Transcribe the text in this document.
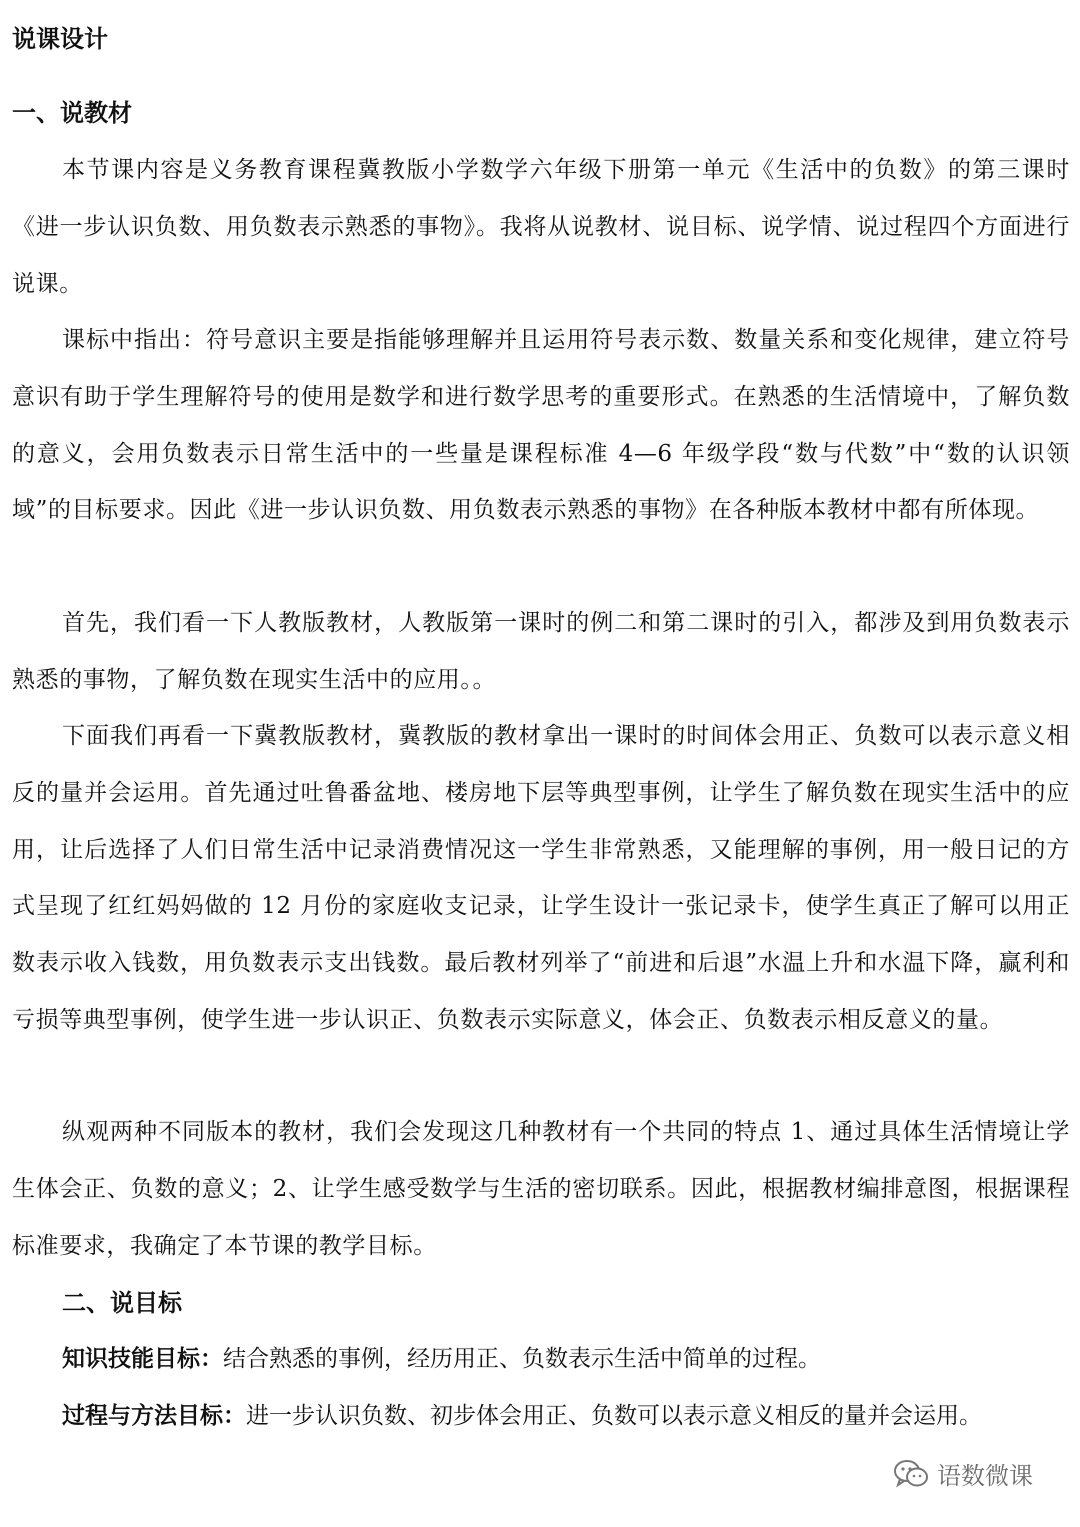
说课设计
一、说教材

本节课内容是义务教育课程冀教版小学数学六年级下册第一单元《生活中的负数》的第三课时《进一步认识负数、用负数表示熟悉的事物》。我将从说教材、说目标、说学情、说过程四个方面进行说课。

课标中指出：符号意识主要是指能够理解并且运用符号表示数、数量关系和变化规律，建立符号意识有助于学生理解符号的使用是数学和进行数学思考的重要形式。在熟悉的生活情境中，了解负数的意义，会用负数表示日常生活中的一些量是课程标准 4—6 年级学段“数与代数”中“数的认识领域”的目标要求。因此《进一步认识负数、用负数表示熟悉的事物》在各种版本教材中都有所体现。

首先，我们看一下人教版教材，人教版第一课时的例二和第二课时的引入，都涉及到用负数表示熟悉的事物，了解负数在现实生活中的应用。。

下面我们再看一下冀教版教材，冀教版的教材拿出一课时的时间体会用正、负数可以表示意义相反的量并会运用。首先通过吐鲁番盆地、楼房地下层等典型事例，让学生了解负数在现实生活中的应用，让后选择了人们日常生活中记录消费情况这一学生非常熟悉，又能理解的事例，用一般日记的方式呈现了红红妈妈做的 12 月份的家庭收支记录，让学生设计一张记录卡，使学生真正了解可以用正数表示收入钱数，用负数表示支出钱数。最后教材列举了“前进和后退”水温上升和水温下降，赢利和亏损等典型事例，使学生进一步认识正、负数表示实际意义，体会正、负数表示相反意义的量。

纵观两种不同版本的教材，我们会发现这几种教材有一个共同的特点 1、通过具体生活情境让学生体会正、负数的意义；2、让学生感受数学与生活的密切联系。因此，根据教材编排意图，根据课程标准要求，我确定了本节课的教学目标。

二、说目标
知识技能目标：结合熟悉的事例，经历用正、负数表示生活中简单的过程。
过程与方法目标：进一步认识负数、初步体会用正、负数可以表示意义相反的量并会运用。
语数微课
